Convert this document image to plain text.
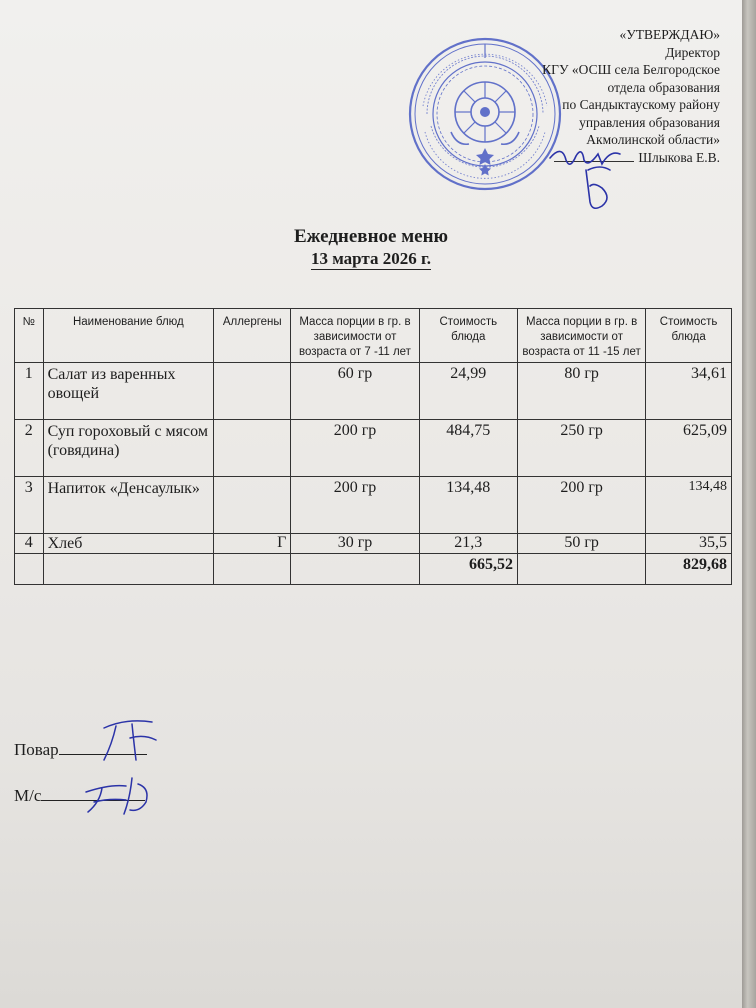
«УТВЕРЖДАЮ»
Директор
КГУ «ОСШ села Белгородское
отдела образования
по Сандыктаускому району
управления образования
Акмолинской области»
Шлыкова Е.В.
Ежедневное меню
13 марта 2026 г.
№	Наименование блюд	Аллергены	Масса порции в гр. в зависимости от возраста от 7 -11 лет	Стоимость блюда	Масса порции в гр. в зависимости от возраста от 11 -15 лет	Стоимость блюда
1	Салат из варенных овощей		60 гр	24,99	80 гр	34,61
2	Суп гороховый с мясом (говядина)		200 гр	484,75	250 гр	625,09
3	Напиток «Денсаулык»		200 гр	134,48	200 гр	134,48
4	Хлеб	Г	30 гр	21,3	50 гр	35,5
				665,52		829,68
Повар
М/с
